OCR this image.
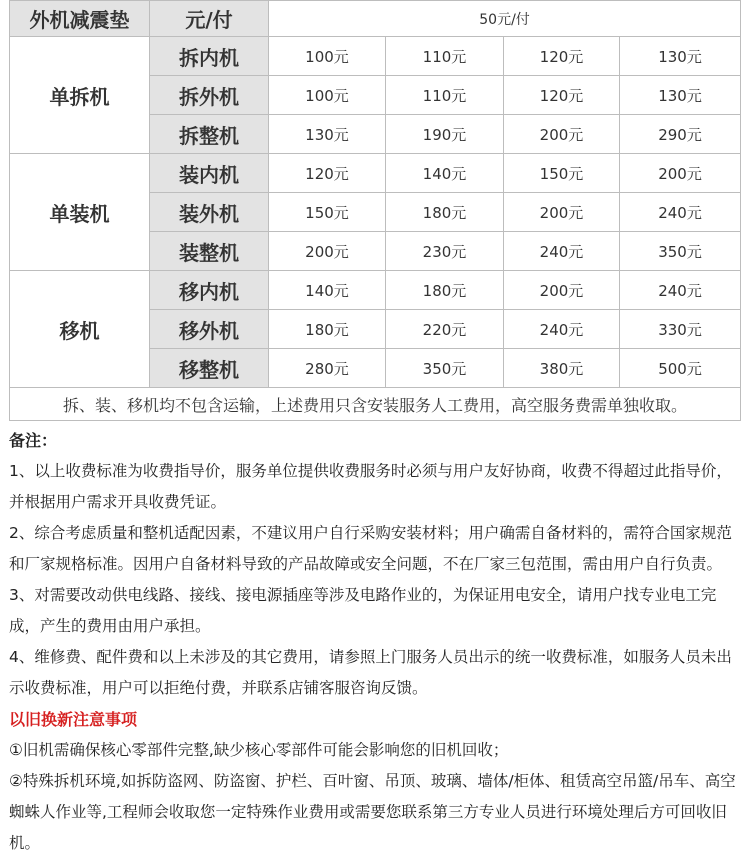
外机减震垫	元/付	50元/付			
单拆机	拆内机	100元	110元	120元	130元
	拆外机	100元	110元	120元	130元
	拆整机	130元	190元	200元	290元
单装机	装内机	120元	140元	150元	200元
	装外机	150元	180元	200元	240元
	装整机	200元	230元	240元	350元
移机	移内机	140元	180元	200元	240元
	移外机	180元	220元	240元	330元
	移整机	280元	350元	380元	500元
拆、装、移机均不包含运输，上述费用只含安装服务人工费用，高空服务费需单独收取。					

备注：

1、以上收费标准为收费指导价，服务单位提供收费服务时必须与用户友好协商，收费不得超过此指导价，并根据用户需求开具收费凭证。

2、综合考虑质量和整机适配因素，不建议用户自行采购安装材料；用户确需自备材料的，需符合国家规范和厂家规格标准。因用户自备材料导致的产品故障或安全问题，不在厂家三包范围，需由用户自行负责。

3、对需要改动供电线路、接线、接电源插座等涉及电路作业的，为保证用电安全，请用户找专业电工完成，产生的费用由用户承担。

4、维修费、配件费和以上未涉及的其它费用，请参照上门服务人员出示的统一收费标准，如服务人员未出示收费标准，用户可以拒绝付费，并联系店铺客服咨询反馈。

以旧换新注意事项

①旧机需确保核心零部件完整,缺少核心零部件可能会影响您的旧机回收；

②特殊拆机环境,如拆防盗网、防盗窗、护栏、百叶窗、吊顶、玻璃、墙体/柜体、租赁高空吊篮/吊车、高空蜘蛛人作业等,工程师会收取您一定特殊作业费用或需要您联系第三方专业人员进行环境处理后方可回收旧机。
